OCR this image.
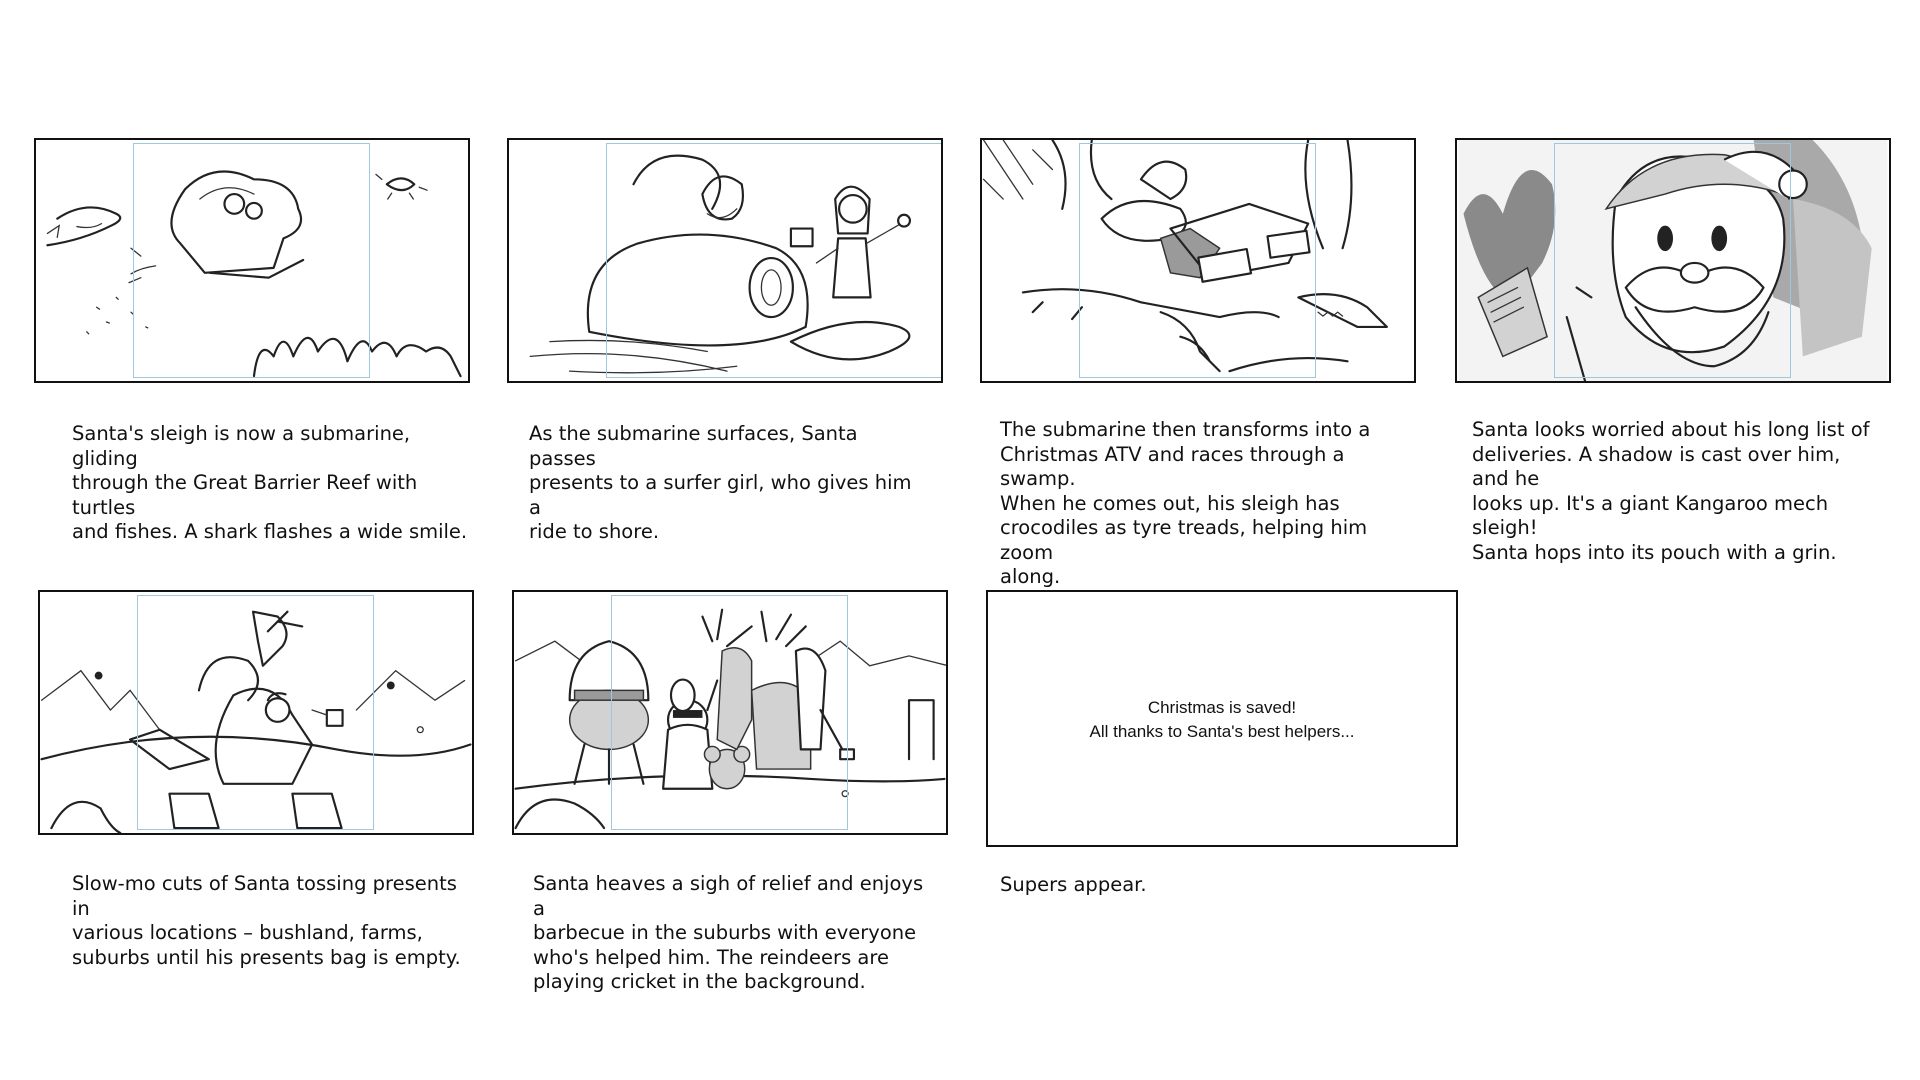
Christmas is saved!
All thanks to Santa's best helpers...
Santa's sleigh is now a submarine, gliding
through the Great Barrier Reef with turtles
and fishes. A shark flashes a wide smile.
As the submarine surfaces, Santa passes
presents to a surfer girl, who gives him a
ride to shore.
The submarine then transforms into a
Christmas ATV and races through a swamp.
When he comes out, his sleigh has
crocodiles as tyre treads, helping him zoom
along.
Santa looks worried about his long list of
deliveries. A shadow is cast over him, and he
looks up. It's a giant Kangaroo mech sleigh!
Santa hops into its pouch with a grin.
Slow-mo cuts of Santa tossing presents in
various locations – bushland, farms,
suburbs until his presents bag is empty.
Santa heaves a sigh of relief and enjoys a
barbecue in the suburbs with everyone
who's helped him. The reindeers are
playing cricket in the background.
Supers appear.
